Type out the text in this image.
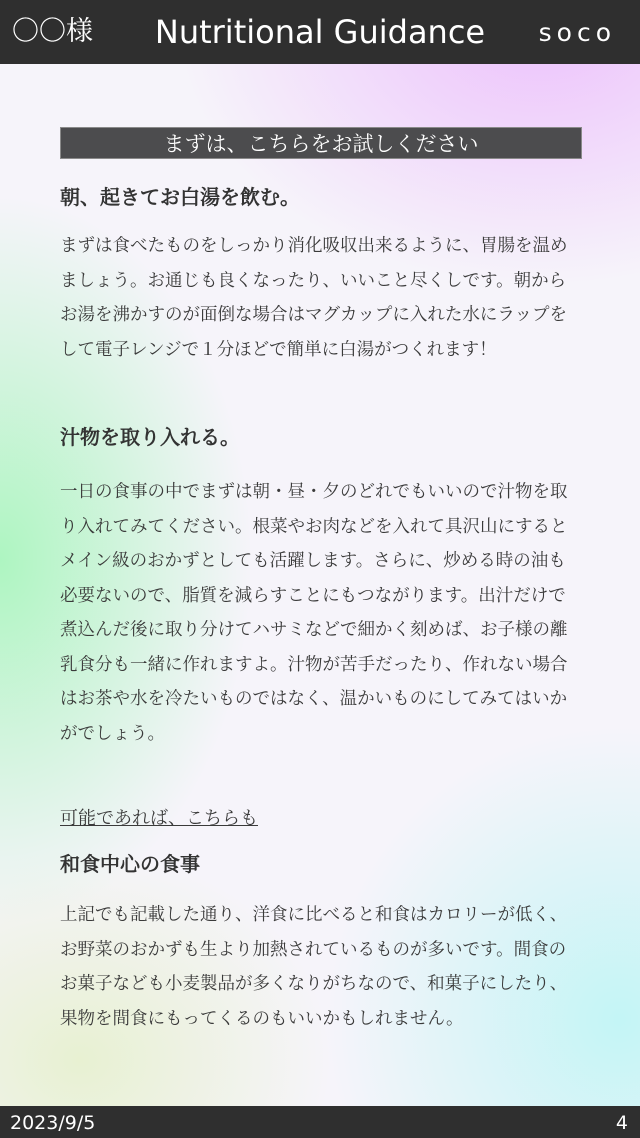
〇〇様	Nutritional Guidance	soco
まずは、こちらをお試しください
朝、起きてお白湯を飲む。

まずは食べたものをしっかり消化吸収出来るように、胃腸を温めましょう。お通じも良くなったり、いいこと尽くしです。朝からお湯を沸かすのが面倒な場合はマグカップに入れた水にラップをして電子レンジで１分ほどで簡単に白湯がつくれます！

汁物を取り入れる。

一日の食事の中でまずは朝・昼・夕のどれでもいいので汁物を取り入れてみてください。根菜やお肉などを入れて具沢山にするとメイン級のおかずとしても活躍します。さらに、炒める時の油も必要ないので、脂質を減らすことにもつながります。出汁だけで煮込んだ後に取り分けてハサミなどで細かく刻めば、お子様の離乳食分も一緒に作れますよ。汁物が苦手だったり、作れない場合はお茶や水を冷たいものではなく、温かいものにしてみてはいかがでしょう。

可能であれば、こちらも
和食中心の食事

上記でも記載した通り、洋食に比べると和食はカロリーが低く、お野菜のおかずも生より加熱されているものが多いです。間食のお菓子なども小麦製品が多くなりがちなので、和菓子にしたり、果物を間食にもってくるのもいいかもしれません。

2023/9/5	4
